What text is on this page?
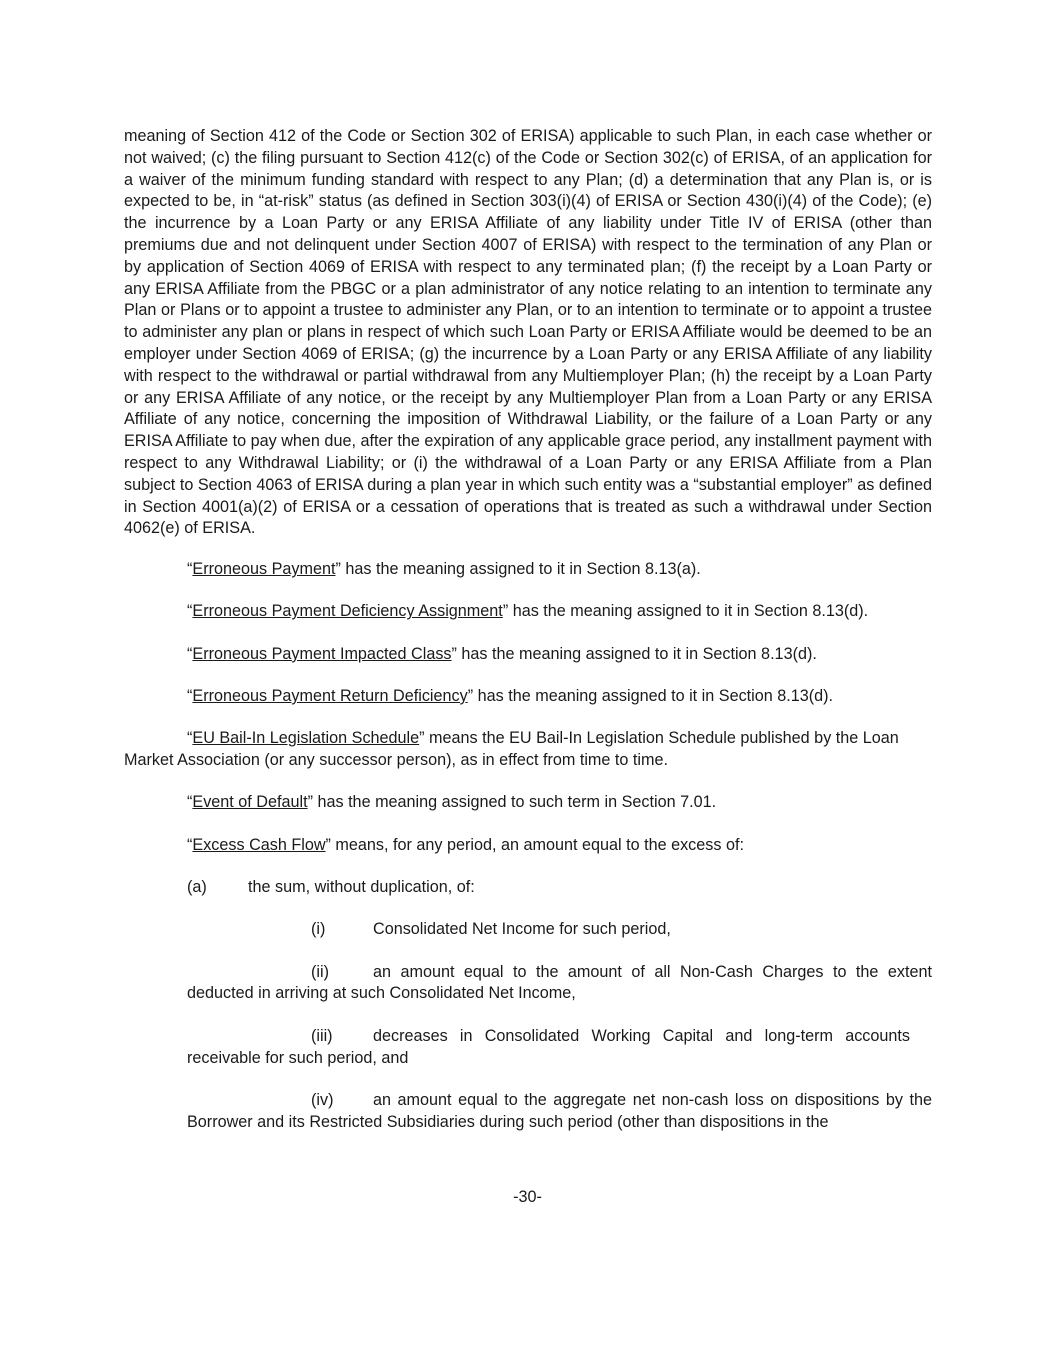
meaning of Section 412 of the Code or Section 302 of ERISA) applicable to such Plan, in each case whether or not waived; (c) the filing pursuant to Section 412(c) of the Code or Section 302(c) of ERISA, of an application for a waiver of the minimum funding standard with respect to any Plan; (d) a determination that any Plan is, or is expected to be, in “at-risk” status (as defined in Section 303(i)(4) of ERISA or Section 430(i)(4) of the Code); (e) the incurrence by a Loan Party or any ERISA Affiliate of any liability under Title IV of ERISA (other than premiums due and not delinquent under Section 4007 of ERISA) with respect to the termination of any Plan or by application of Section 4069 of ERISA with respect to any terminated plan; (f) the receipt by a Loan Party or any ERISA Affiliate from the PBGC or a plan administrator of any notice relating to an intention to terminate any Plan or Plans or to appoint a trustee to administer any Plan, or to an intention to terminate or to appoint a trustee to administer any plan or plans in respect of which such Loan Party or ERISA Affiliate would be deemed to be an employer under Section 4069 of ERISA; (g) the incurrence by a Loan Party or any ERISA Affiliate of any liability with respect to the withdrawal or partial withdrawal from any Multiemployer Plan; (h) the receipt by a Loan Party or any ERISA Affiliate of any notice, or the receipt by any Multiemployer Plan from a Loan Party or any ERISA Affiliate of any notice, concerning the imposition of Withdrawal Liability, or the failure of a Loan Party or any ERISA Affiliate to pay when due, after the expiration of any applicable grace period, any installment payment with respect to any Withdrawal Liability; or (i) the withdrawal of a Loan Party or any ERISA Affiliate from a Plan subject to Section 4063 of ERISA during a plan year in which such entity was a “substantial employer” as defined in Section 4001(a)(2) of ERISA or a cessation of operations that is treated as such a withdrawal under Section 4062(e) of ERISA.

“Erroneous Payment” has the meaning assigned to it in Section 8.13(a).

“Erroneous Payment Deficiency Assignment” has the meaning assigned to it in Section 8.13(d).

“Erroneous Payment Impacted Class” has the meaning assigned to it in Section 8.13(d).

“Erroneous Payment Return Deficiency” has the meaning assigned to it in Section 8.13(d).

“EU Bail-In Legislation Schedule” means the EU Bail-In Legislation Schedule published by the Loan Market Association (or any successor person), as in effect from time to time.

“Event of Default” has the meaning assigned to such term in Section 7.01.

“Excess Cash Flow” means, for any period, an amount equal to the excess of:

(a)	the sum, without duplication, of:

(i)	Consolidated Net Income for such period,

(ii)	an amount equal to the amount of all Non-Cash Charges to the extent deducted in arriving at such Consolidated Net Income,

(iii) decreases in Consolidated Working Capital and long-term accounts receivable for such period, and

(iv) an amount equal to the aggregate net non-cash loss on dispositions by the Borrower and its Restricted Subsidiaries during such period (other than dispositions in the

-30-
